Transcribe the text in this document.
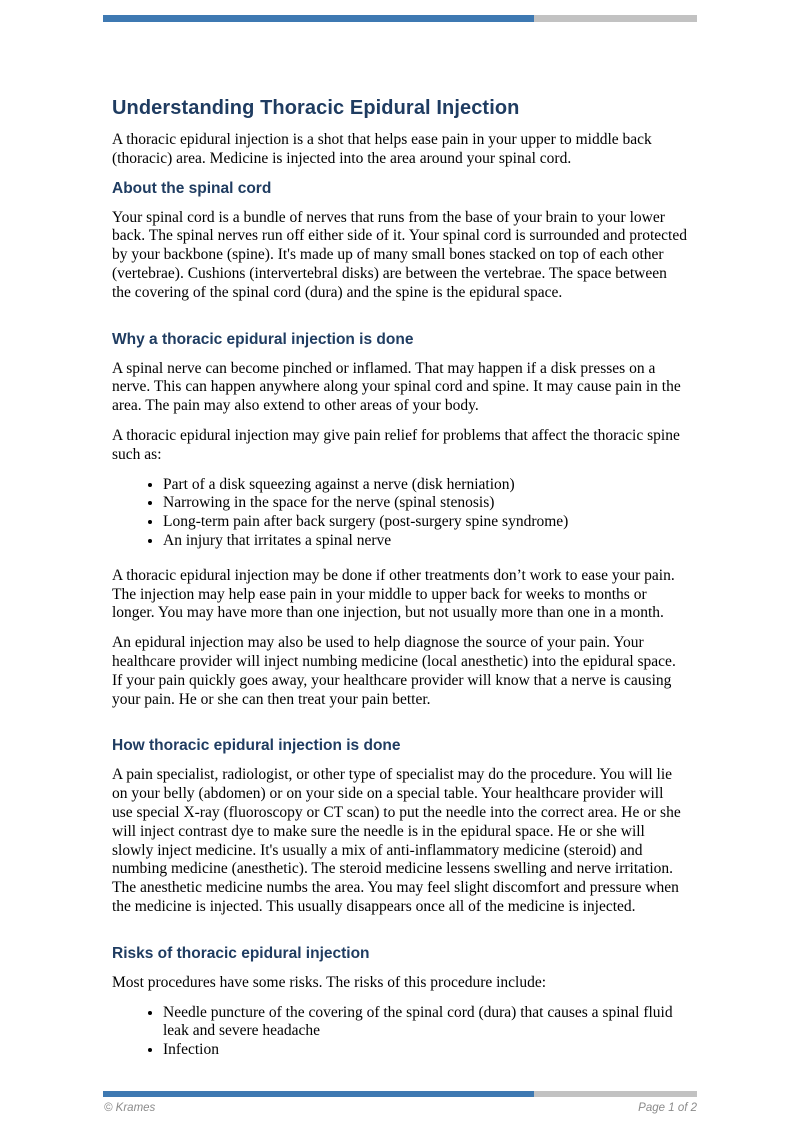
Understanding Thoracic Epidural Injection

A thoracic epidural injection is a shot that helps ease pain in your upper to middle back (thoracic) area. Medicine is injected into the area around your spinal cord.

About the spinal cord

Your spinal cord is a bundle of nerves that runs from the base of your brain to your lower back. The spinal nerves run off either side of it. Your spinal cord is surrounded and protected by your backbone (spine). It's made up of many small bones stacked on top of each other (vertebrae). Cushions (intervertebral disks) are between the vertebrae. The space between the covering of the spinal cord (dura) and the spine is the epidural space.

Why a thoracic epidural injection is done

A spinal nerve can become pinched or inflamed. That may happen if a disk presses on a nerve. This can happen anywhere along your spinal cord and spine. It may cause pain in the area. The pain may also extend to other areas of your body.

A thoracic epidural injection may give pain relief for problems that affect the thoracic spine such as:

• Part of a disk squeezing against a nerve (disk herniation)
• Narrowing in the space for the nerve (spinal stenosis)
• Long-term pain after back surgery (post-surgery spine syndrome)
• An injury that irritates a spinal nerve

A thoracic epidural injection may be done if other treatments don’t work to ease your pain. The injection may help ease pain in your middle to upper back for weeks to months or longer. You may have more than one injection, but not usually more than one in a month.

An epidural injection may also be used to help diagnose the source of your pain. Your healthcare provider will inject numbing medicine (local anesthetic) into the epidural space. If your pain quickly goes away, your healthcare provider will know that a nerve is causing your pain. He or she can then treat your pain better.

How thoracic epidural injection is done

A pain specialist, radiologist, or other type of specialist may do the procedure. You will lie on your belly (abdomen) or on your side on a special table. Your healthcare provider will use special X-ray (fluoroscopy or CT scan) to put the needle into the correct area. He or she will inject contrast dye to make sure the needle is in the epidural space. He or she will slowly inject medicine. It's usually a mix of anti-inflammatory medicine (steroid) and numbing medicine (anesthetic). The steroid medicine lessens swelling and nerve irritation. The anesthetic medicine numbs the area. You may feel slight discomfort and pressure when the medicine is injected. This usually disappears once all of the medicine is injected.

Risks of thoracic epidural injection

Most procedures have some risks. The risks of this procedure include:

• Needle puncture of the covering of the spinal cord (dura) that causes a spinal fluid leak and severe headache
• Infection
© Krames	Page 1 of 2
